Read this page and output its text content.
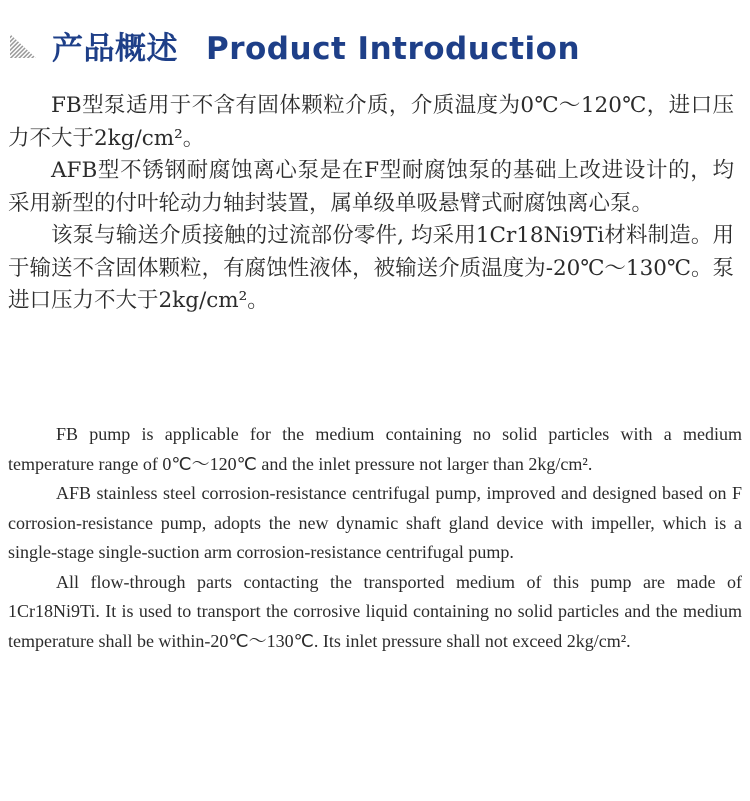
产品概述 Product Introduction

FB型泵适用于不含有固体颗粒介质，介质温度为0℃～120℃，进口压力不大于2kg/cm²。

AFB型不锈钢耐腐蚀离心泵是在F型耐腐蚀泵的基础上改进设计的，均采用新型的付叶轮动力轴封装置，属单级单吸悬臂式耐腐蚀离心泵。

该泵与输送介质接触的过流部份零件, 均采用1Cr18Ni9Ti材料制造。用于输送不含固体颗粒，有腐蚀性液体，被输送介质温度为-20℃～130℃。泵进口压力不大于2kg/cm²。

FB pump is applicable for the medium containing no solid particles with a medium temperature range of 0℃～120℃ and the inlet pressure not larger than 2kg/cm².

AFB stainless steel corrosion-resistance centrifugal pump, improved and designed based on F corrosion-resistance pump, adopts the new dynamic shaft gland device with impeller, which is a single-stage single-suction arm corrosion-resistance centrifugal pump.

All flow-through parts contacting the transported medium of this pump are made of 1Cr18Ni9Ti. It is used to transport the corrosive liquid containing no solid particles and the medium temperature shall be within-20℃～130℃. Its inlet pressure shall not exceed 2kg/cm².
